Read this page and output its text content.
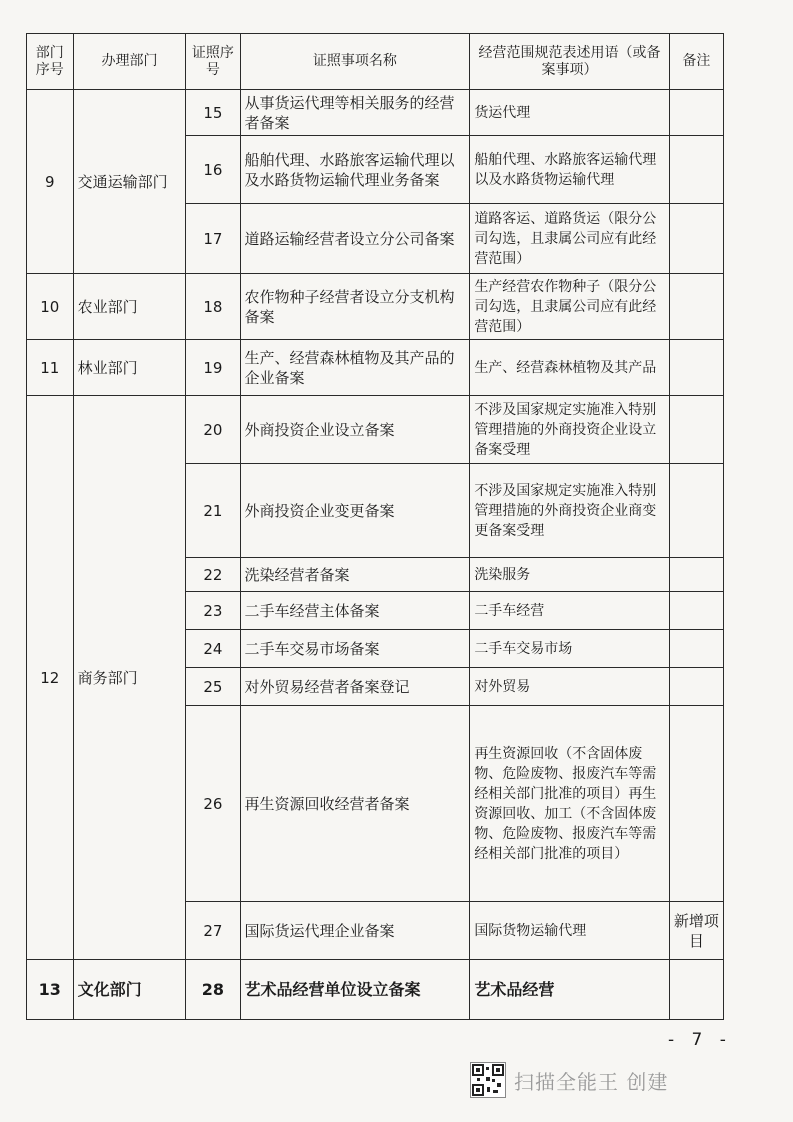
部门序号	办理部门	证照序号	证照事项名称	经营范围规范表述用语（或备案事项）	备注
9	交通运输部门	15	从事货运代理等相关服务的经营者备案	货运代理	
		16	船舶代理、水路旅客运输代理以及水路货物运输代理业务备案	船舶代理、水路旅客运输代理以及水路货物运输代理	
		17	道路运输经营者设立分公司备案	道路客运、道路货运（限分公司勾选，且隶属公司应有此经营范围）	
10	农业部门	18	农作物种子经营者设立分支机构备案	生产经营农作物种子（限分公司勾选，且隶属公司应有此经营范围）	
11	林业部门	19	生产、经营森林植物及其产品的企业备案	生产、经营森林植物及其产品	
12	商务部门	20	外商投资企业设立备案	不涉及国家规定实施准入特别管理措施的外商投资企业设立备案受理	
		21	外商投资企业变更备案	不涉及国家规定实施准入特别管理措施的外商投资企业商变更备案受理	
		22	洗染经营者备案	洗染服务	
		23	二手车经营主体备案	二手车经营	
		24	二手车交易市场备案	二手车交易市场	
		25	对外贸易经营者备案登记	对外贸易	
		26	再生资源回收经营者备案	再生资源回收（不含固体废物、危险废物、报废汽车等需经相关部门批准的项目）再生资源回收、加工（不含固体废物、危险废物、报废汽车等需经相关部门批准的项目）	
		27	国际货运代理企业备案	国际货物运输代理	新增项目
13	文化部门	28	艺术品经营单位设立备案	艺术品经营	
- 7 -
扫描全能王 创建
